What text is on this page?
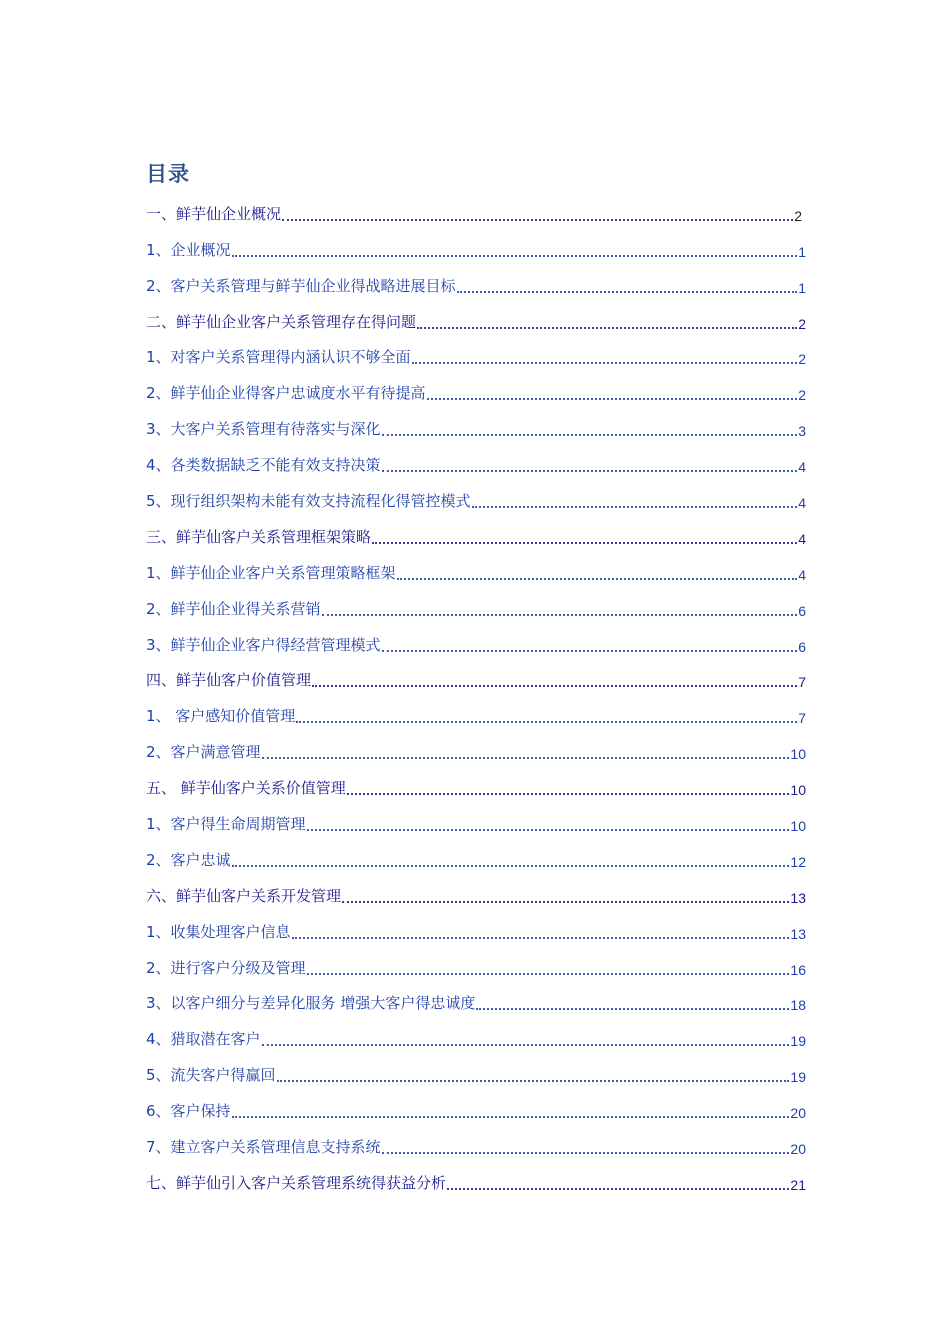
目录
一、鲜芋仙企业概况	2
1、企业概况	1
2、客户关系管理与鲜芋仙企业得战略进展目标	1
二、鲜芋仙企业客户关系管理存在得问题	2
1、对客户关系管理得内涵认识不够全面	2
2、鲜芋仙企业得客户忠诚度水平有待提高	2
3、大客户关系管理有待落实与深化	3
4、各类数据缺乏不能有效支持决策	4
5、现行组织架构未能有效支持流程化得管控模式	4
三、鲜芋仙客户关系管理框架策略	4
1、鲜芋仙企业客户关系管理策略框架	4
2、鲜芋仙企业得关系营销	6
3、鲜芋仙企业客户得经营管理模式	6
四、鲜芋仙客户价值管理	7
1、 客户感知价值管理	7
2、客户满意管理	10
五、 鲜芋仙客户关系价值管理	10
1、客户得生命周期管理	10
2、客户忠诚	12
六、鲜芋仙客户关系开发管理	13
1、收集处理客户信息	13
2、进行客户分级及管理	16
3、以客户细分与差异化服务 增强大客户得忠诚度	18
4、猎取潜在客户	19
5、流失客户得赢回	19
6、客户保持	20
7、建立客户关系管理信息支持系统	20
七、鲜芋仙引入客户关系管理系统得获益分析	21
